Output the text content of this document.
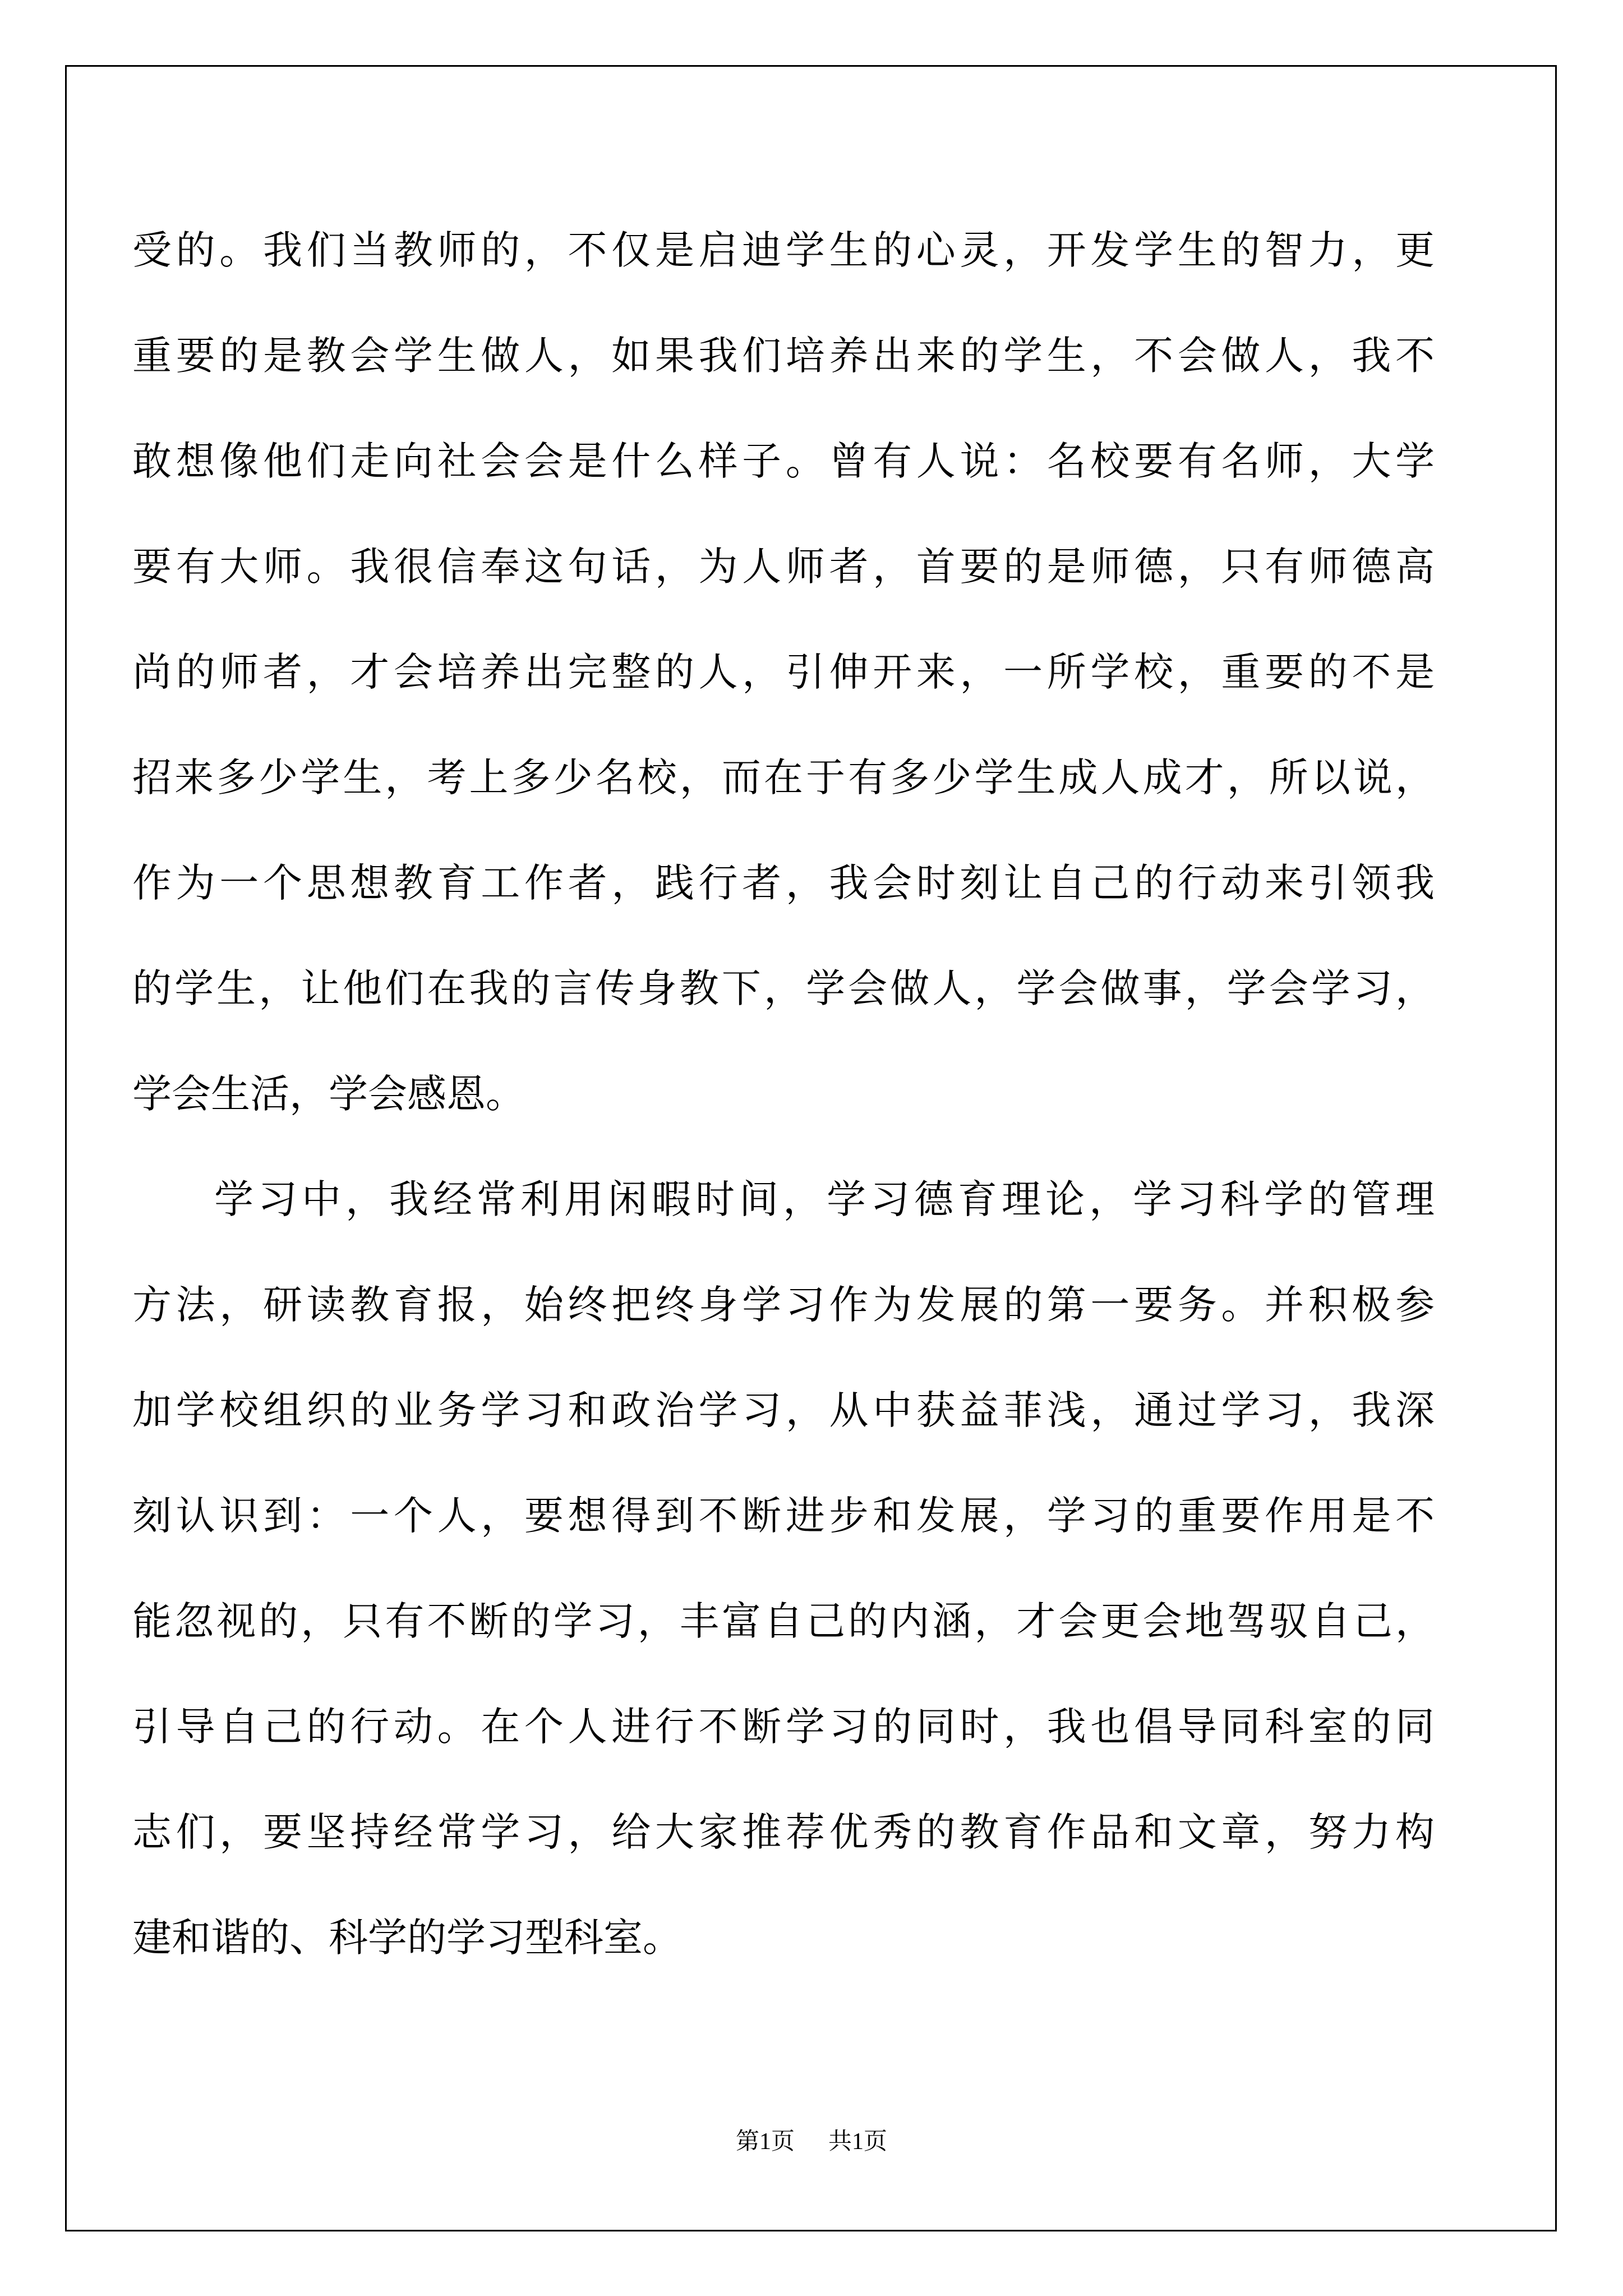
受的。我们当教师的，不仅是启迪学生的心灵，开发学生的智力，更
重要的是教会学生做人，如果我们培养出来的学生，不会做人，我不
敢想像他们走向社会会是什么样子。曾有人说：名校要有名师，大学
要有大师。我很信奉这句话，为人师者，首要的是师德，只有师德高
尚的师者，才会培养出完整的人，引伸开来，一所学校，重要的不是
招来多少学生，考上多少名校，而在于有多少学生成人成才，所以说，
作为一个思想教育工作者，践行者，我会时刻让自己的行动来引领我
的学生，让他们在我的言传身教下，学会做人，学会做事，学会学习，
学会生活，学会感恩。
学习中，我经常利用闲暇时间，学习德育理论，学习科学的管理
方法，研读教育报，始终把终身学习作为发展的第一要务。并积极参
加学校组织的业务学习和政治学习，从中获益菲浅，通过学习，我深
刻认识到：一个人，要想得到不断进步和发展，学习的重要作用是不
能忽视的，只有不断的学习，丰富自己的内涵，才会更会地驾驭自己，
引导自己的行动。在个人进行不断学习的同时，我也倡导同科室的同
志们，要坚持经常学习，给大家推荐优秀的教育作品和文章，努力构
建和谐的、科学的学习型科室。
第1页 共1页
